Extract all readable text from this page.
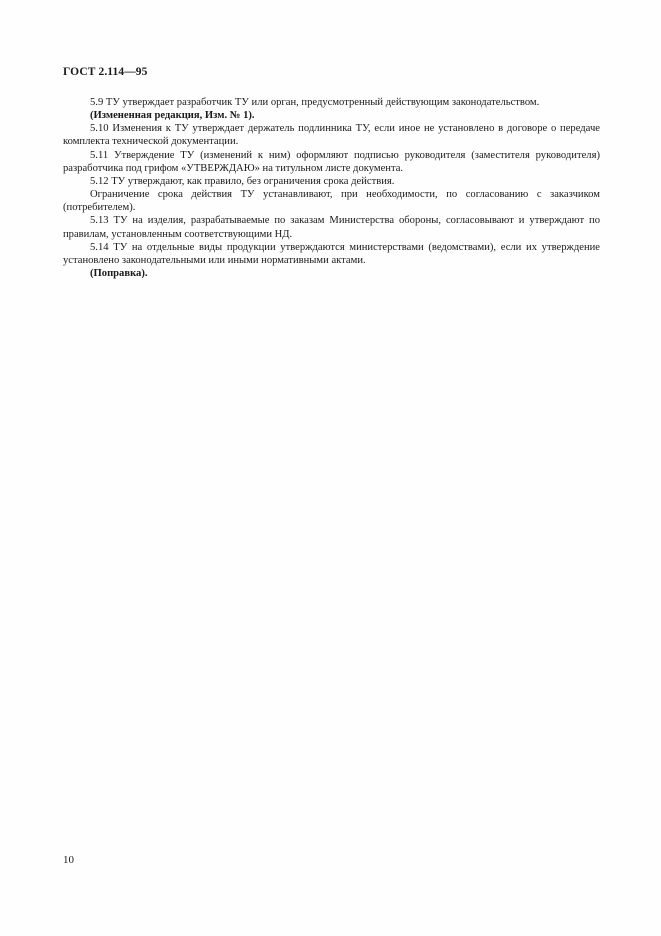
ГОСТ 2.114—95

5.9 ТУ утверждает разработчик ТУ или орган, предусмотренный действующим законодательством.

(Измененная редакция, Изм. № 1).

5.10 Изменения к ТУ утверждает держатель подлинника ТУ, если иное не установлено в договоре о передаче комплекта технической документации.

5.11 Утверждение ТУ (изменений к ним) оформляют подписью руководителя (заместителя руководителя) разработчика под грифом «УТВЕРЖДАЮ» на титульном листе документа.

5.12 ТУ утверждают, как правило, без ограничения срока действия.

Ограничение срока действия ТУ устанавливают, при необходимости, по согласованию с заказчиком (потребителем).

5.13 ТУ на изделия, разрабатываемые по заказам Министерства обороны, согласовывают и утверждают по правилам, установленным соответствующими НД.

5.14 ТУ на отдельные виды продукции утверждаются министерствами (ведомствами), если их утверждение установлено законодательными или иными нормативными актами.

(Поправка).

10
